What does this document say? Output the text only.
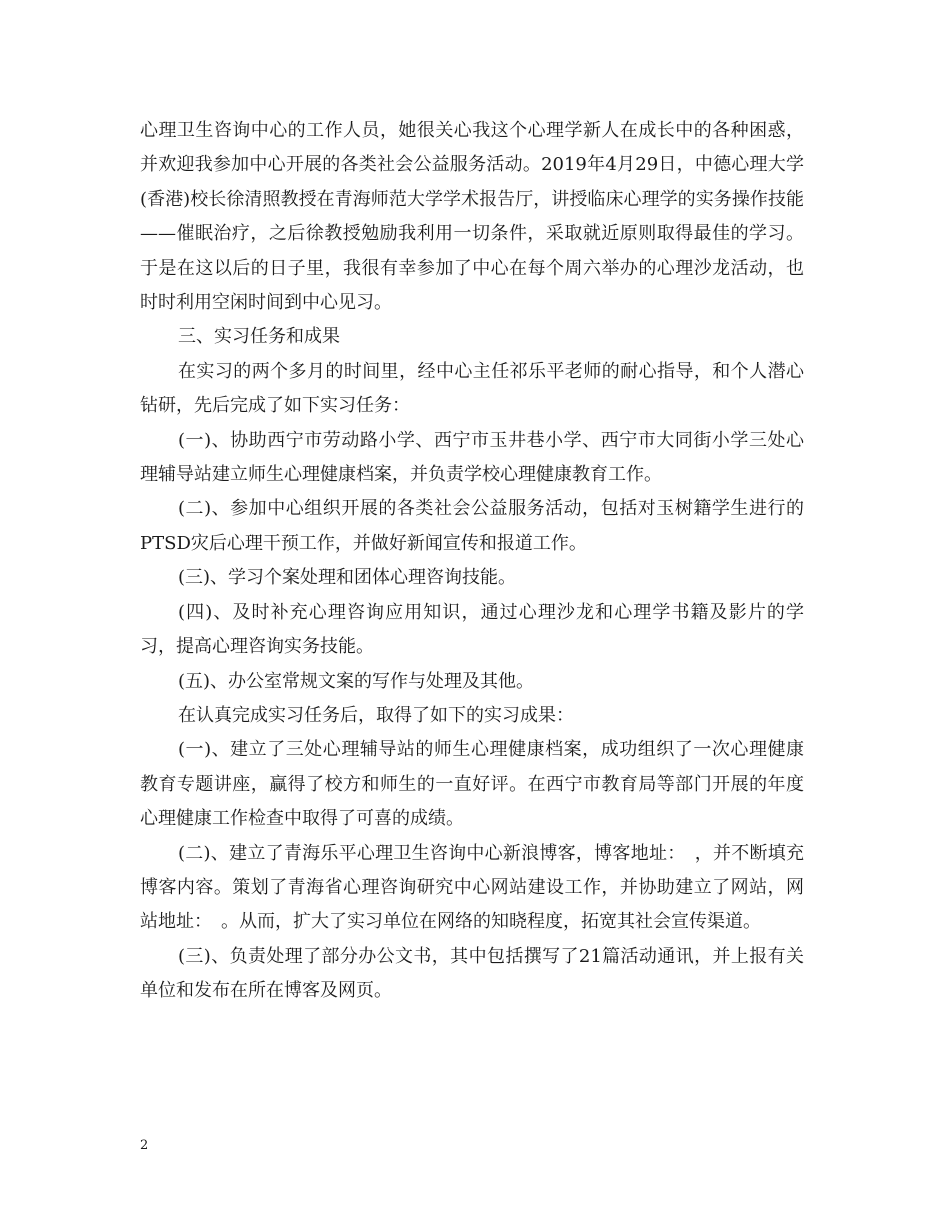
心理卫生咨询中心的工作人员，她很关心我这个心理学新人在成长中的各种困惑，并欢迎我参加中心开展的各类社会公益服务活动。2019年4月29日，中德心理大学(香港)校长徐清照教授在青海师范大学学术报告厅，讲授临床心理学的实务操作技能——催眠治疗，之后徐教授勉励我利用一切条件，采取就近原则取得最佳的学习。于是在这以后的日子里，我很有幸参加了中心在每个周六举办的心理沙龙活动，也时时利用空闲时间到中心见习。

三、实习任务和成果

在实习的两个多月的时间里，经中心主任祁乐平老师的耐心指导，和个人潜心钻研，先后完成了如下实习任务：

(一)、协助西宁市劳动路小学、西宁市玉井巷小学、西宁市大同街小学三处心理辅导站建立师生心理健康档案，并负责学校心理健康教育工作。

(二)、参加中心组织开展的各类社会公益服务活动，包括对玉树籍学生进行的PTSD灾后心理干预工作，并做好新闻宣传和报道工作。

(三)、学习个案处理和团体心理咨询技能。

(四)、及时补充心理咨询应用知识，通过心理沙龙和心理学书籍及影片的学习，提高心理咨询实务技能。

(五)、办公室常规文案的写作与处理及其他。

在认真完成实习任务后，取得了如下的实习成果：

(一)、建立了三处心理辅导站的师生心理健康档案，成功组织了一次心理健康教育专题讲座，赢得了校方和师生的一直好评。在西宁市教育局等部门开展的年度心理健康工作检查中取得了可喜的成绩。

(二)、建立了青海乐平心理卫生咨询中心新浪博客，博客地址：　，并不断填充博客内容。策划了青海省心理咨询研究中心网站建设工作，并协助建立了网站，网站地址：　。从而，扩大了实习单位在网络的知晓程度，拓宽其社会宣传渠道。

(三)、负责处理了部分办公文书，其中包括撰写了21篇活动通讯，并上报有关单位和发布在所在博客及网页。

2
